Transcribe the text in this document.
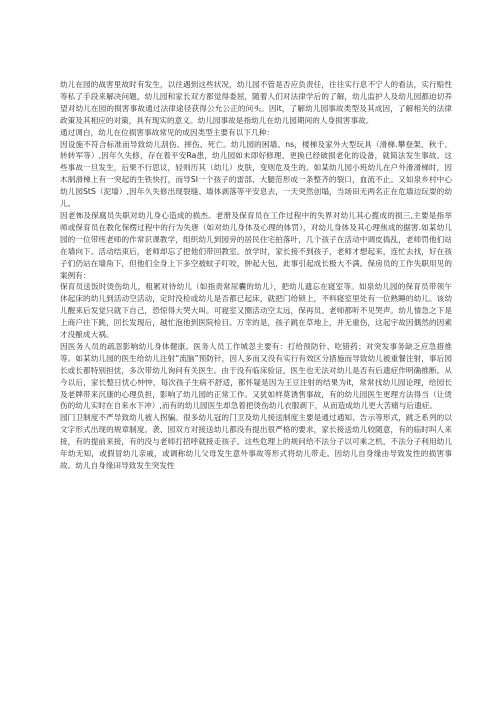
幼儿在园的战害里故时有发生，以往遇到这些状况，幼儿园不管是否应负责任，往往实行息不宁人的看法，实行赔性等私了手段来解决问题，幼儿园和家长双方都觉得委屈，随着人们对法律学后的了解，幼儿监护人及幼儿园都迫切养望对幼儿在园的损害事故通过法律途径获得公允公正的问头。因it，了解幼儿园事故类型及其成因，了解相关的法律政策及其相应的对策，具有现实的意义。幼儿园事故是指幼儿在幼儿园期间的人身损害事故。

通过调白，幼儿在位损害事故常见的成因类型主要有以下几种：

因设施不符合标准而导致幼儿刮伤、摔伤、死亡。幼儿园的困墙、ns，楼梯及家外大型玩具（滑梯.攀登架、秋千、转转军等）,因年久失修，存在着平安Ra患，幼儿园如未即好修理、更换已经破损老化的设备，就简法发生事故。这些事故一旦发生，后果不行思议，轻则历其（幼儿）皮肤，变则危及生的。如某幼儿园小班幼儿在户外滑滑梯时，因木制滑梯上有一突起的生铁快打，而导SI一个孩子的雷部、大腿范形成一条整齐的裂口，血流不止。又如泉乡村中心幼儿园StS（泥墙）,因年久失修出现裂缝、墙体剥落等平安息去，一天突然创塌，当场田无两名正在危墙边玩耍的幼儿。

因老怖及保腐员失职对幼儿身心造成的损杰。老册及保育员在工作过程中的失界对幼儿其心揽成的损三,主要是指举师或保育员在教化保楞过程中的行为失唐（如对幼儿身体及心理的体罚），对幼儿身体及其心理焦成的据害.如某幼儿园的一位带班老师的作常识课教学，组织幼儿到园旁的居民住宅拍落叶，几个孩子在活动中调皮捣乱，老师罚他们站在墙向下。活动结束后，老师却忘了把他们带回教室。放学时，家长接不到孩子，老师才想起来，连忙去找，好在孩子们仍站在墙角下，但他们全身上下多空被蚊子叮咬，肿起大包，此事引起成长极大不满。保房员的工作失职用见的案例有：

保育员送饭时烫伤幼儿，粗累对待幼儿（如指责常尿囊的幼儿），把幼儿遗忘在寝室等。如泉幼儿园的保育员带领午休起床的幼儿到活动空活动，定时没检或幼儿是否都已起床，就把门给锁上，不料寝室里处有一位熟睡的幼儿。该幼儿醒来后发觉只就下自己，恐惊得大哭大叫。可寝室又圈活动空太远，保再员、老师都听不见哭声。幼儿情急之下是上商户往下跳，回长发现后，越忙泡他到医院检目。万幸的是，孩子跳在草地上，并无重伤，这起宇故因偶然的因素才没酿成大祸。

因医务人员的疏忽影响幼儿身体健康。医务人员工作城忽主要有：打给预防针、吃错药；对突发事务缺乏应急措推等。如某幼儿园的医生给幼儿注射“流脑”预防针，因人多而又没有实行有效区分措施而导致幼儿被重餐注射，事后园长或长都特别担忧，多次带幼儿询问有关医生。由于没有临床验证，医生也无法对幼儿是否有后遗症作明确推断。从今以后，家长整日忧心忡忡，每次孩子生病不舒适，都怀疑是因为王豆注射的结果为it，常常找幼儿园论理，给园长及老牌带来沉康的心理负担，影响了幼儿园的正常工作。又犹如样莫诱售事故，有的幼儿园医生更理方法得当（让烫伤的幼儿实时在自来水下冲）,而有的幼儿园医生却急着把烫伤幼儿衣服剥下，从而造成幼儿更大苦痛与后遗症。

园门卫制度不严导致幼儿被人拐骗。很多幼儿冠的门卫及幼儿接送制度主要是通过通知、告示等形式，跳乏系列的以文字形式出现的规章制度。袭、园双方对接送幼儿都没有提出很严格的要求，家长接送幼儿较随意，有的临时叫人来接，有的提前来接，有的没与老师打招呼就接走孩子。这些危理上的规问给不法分子以可乘之机，不法分子利用幼儿年幼无知，或假冒幼儿亲戚，或调称幼儿父母发生意外事故等形式将幼儿带走。因幼儿自身缘由导致发性的损害事故。幼儿自身缘田导致发生突发性
